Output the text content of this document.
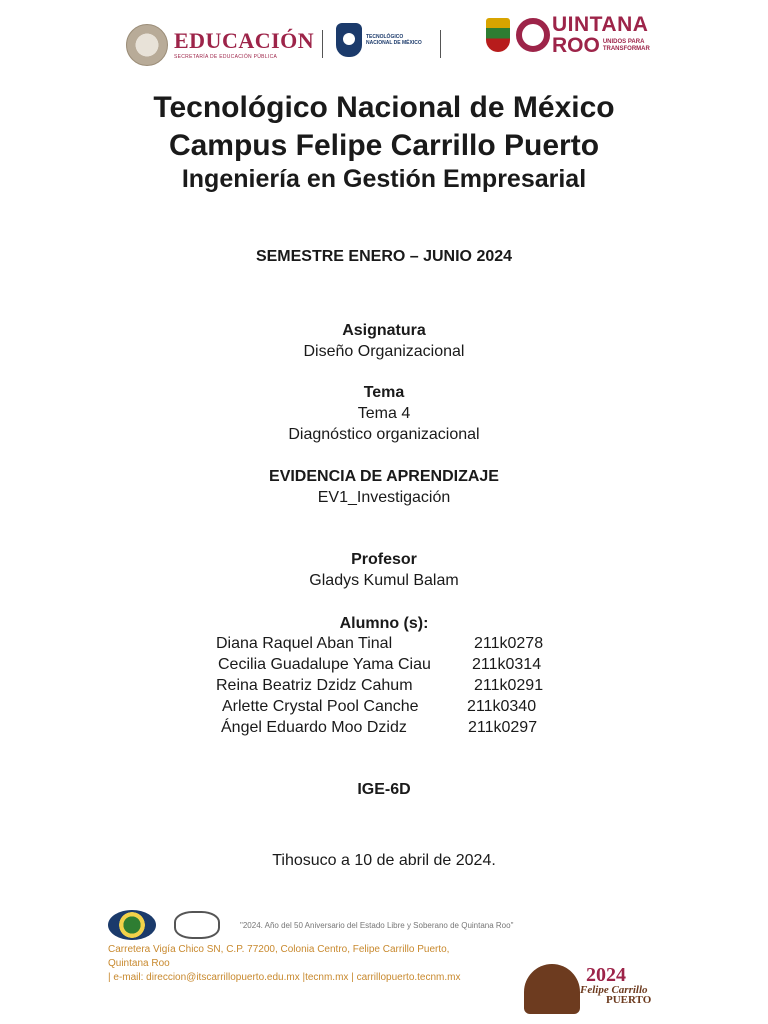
EDUCACIÓN
SECRETARÍA DE EDUCACIÓN PÚBLICA
TECNOLÓGICO
NACIONAL DE MÉXICO
UINTANA
ROO UNIDOS PARA
TRANSFORMAR
Tecnológico Nacional de México
Campus Felipe Carrillo Puerto
Ingeniería en Gestión Empresarial
SEMESTRE ENERO – JUNIO 2024
Asignatura
Diseño Organizacional
Tema
Tema 4
Diagnóstico organizacional
EVIDENCIA DE APRENDIZAJE
EV1_Investigación
Profesor
Gladys Kumul Balam
Alumno (s):
Diana Raquel Aban Tinal	211k0278
Cecilia Guadalupe Yama Ciau	211k0314
Reina Beatriz Dzidz Cahum	211k0291
Arlette Crystal Pool Canche	211k0340
Ángel Eduardo Moo Dzidz	211k0297
IGE-6D
Tihosuco a 10 de abril de 2024.
"2024. Año del 50 Aniversario del Estado Libre y Soberano de Quintana Roo"
Carretera Vigía Chico SN, C.P. 77200, Colonia Centro, Felipe Carrillo Puerto,
Quintana Roo
| e-mail: direccion@itscarrillopuerto.edu.mx |tecnm.mx | carrillopuerto.tecnm.mx	2024
Felipe Carrillo
PUERTO
